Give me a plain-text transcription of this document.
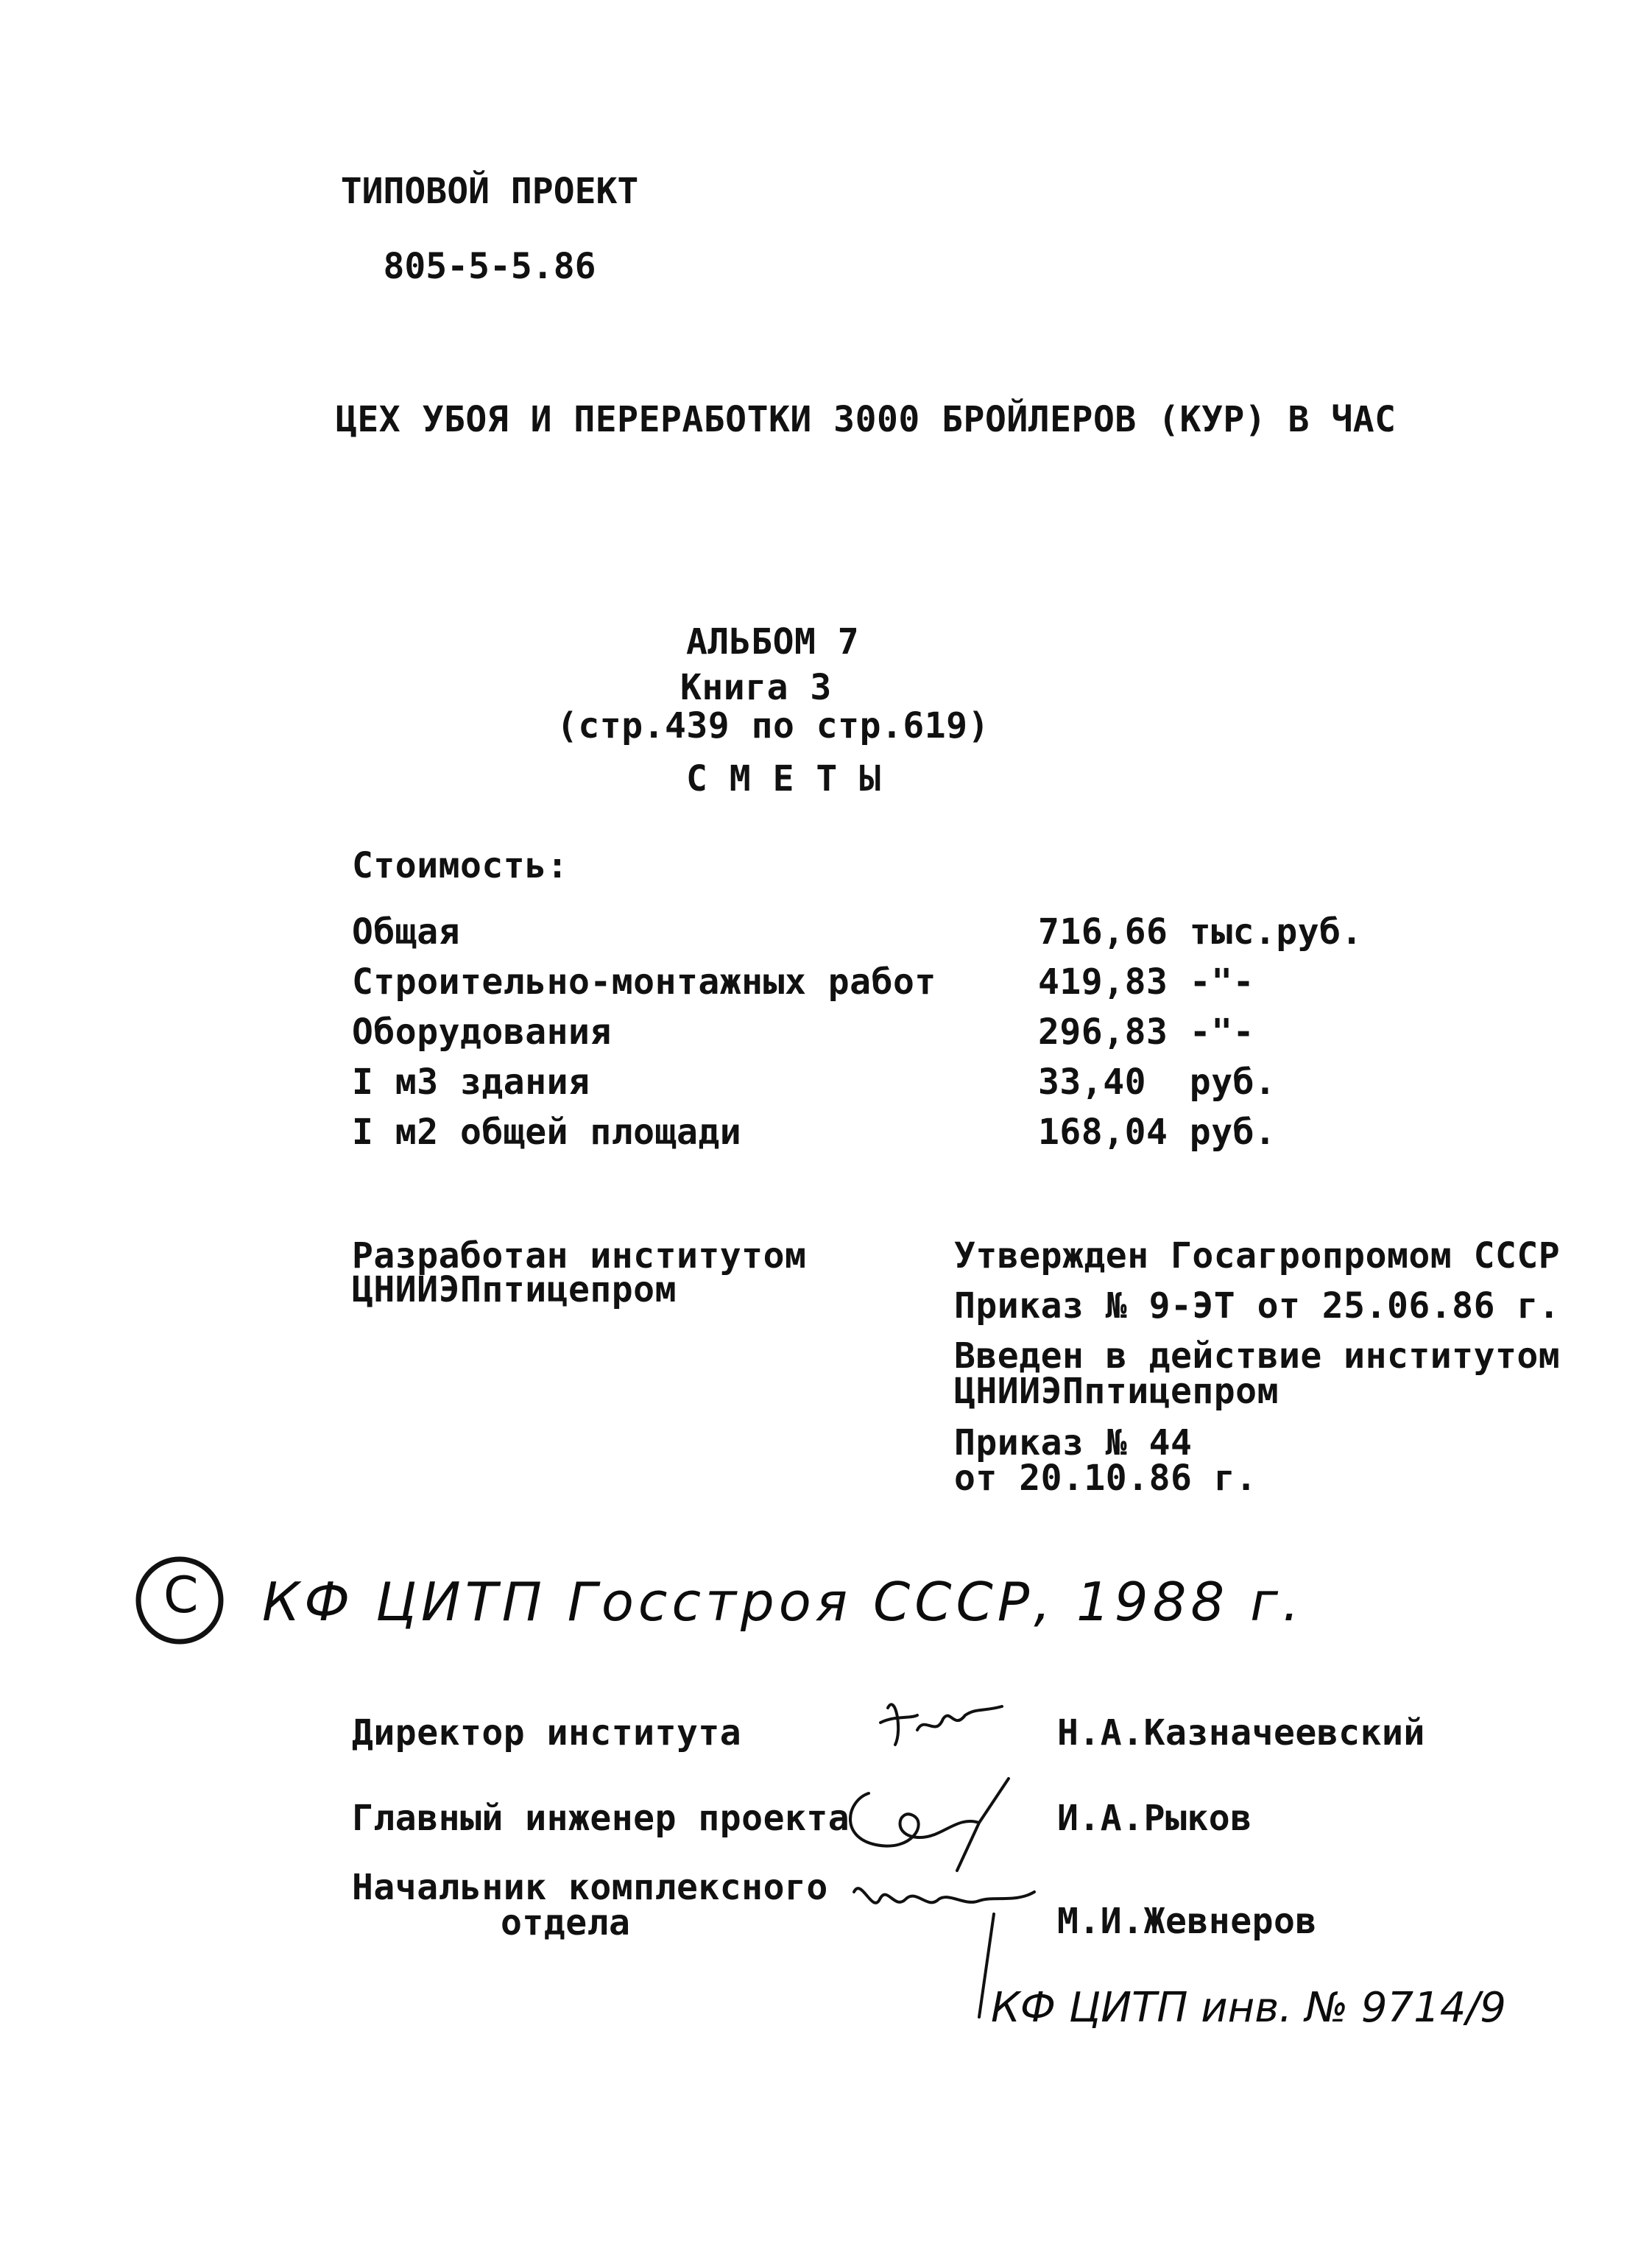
ТИПОВОЙ ПРОЕКТ
805-5-5.86
ЦЕХ УБОЯ И ПЕРЕРАБОТКИ 3000 БРОЙЛЕРОВ (КУР) В ЧАС
АЛЬБОМ 7
Книга 3
(стр.439 по стр.619)
С М Е Т Ы
Стоимость:
Общая	716,66 тыс.руб.
Строительно-монтажных работ	419,83 -"-
Оборудования	296,83 -"-
I м3 здания	33,40  руб.
I м2 общей площади	168,04 руб.
Разработан институтом
ЦНИИЭПптицепром
Утвержден Госагропромом СССР
Приказ № 9-ЭТ от 25.06.86 г.
Введен в действие институтом
ЦНИИЭПптицепром
Приказ № 44
от 20.10.86 г.
C КФ ЦИТП Госстроя СССР, 1988 г.
Директор института	Н.А.Казначеевский
Главный инженер проекта	И.А.Рыков
Начальник комплексного
отдела	М.И.Жевнеров
КФ ЦИТП инв. № 9714/9
